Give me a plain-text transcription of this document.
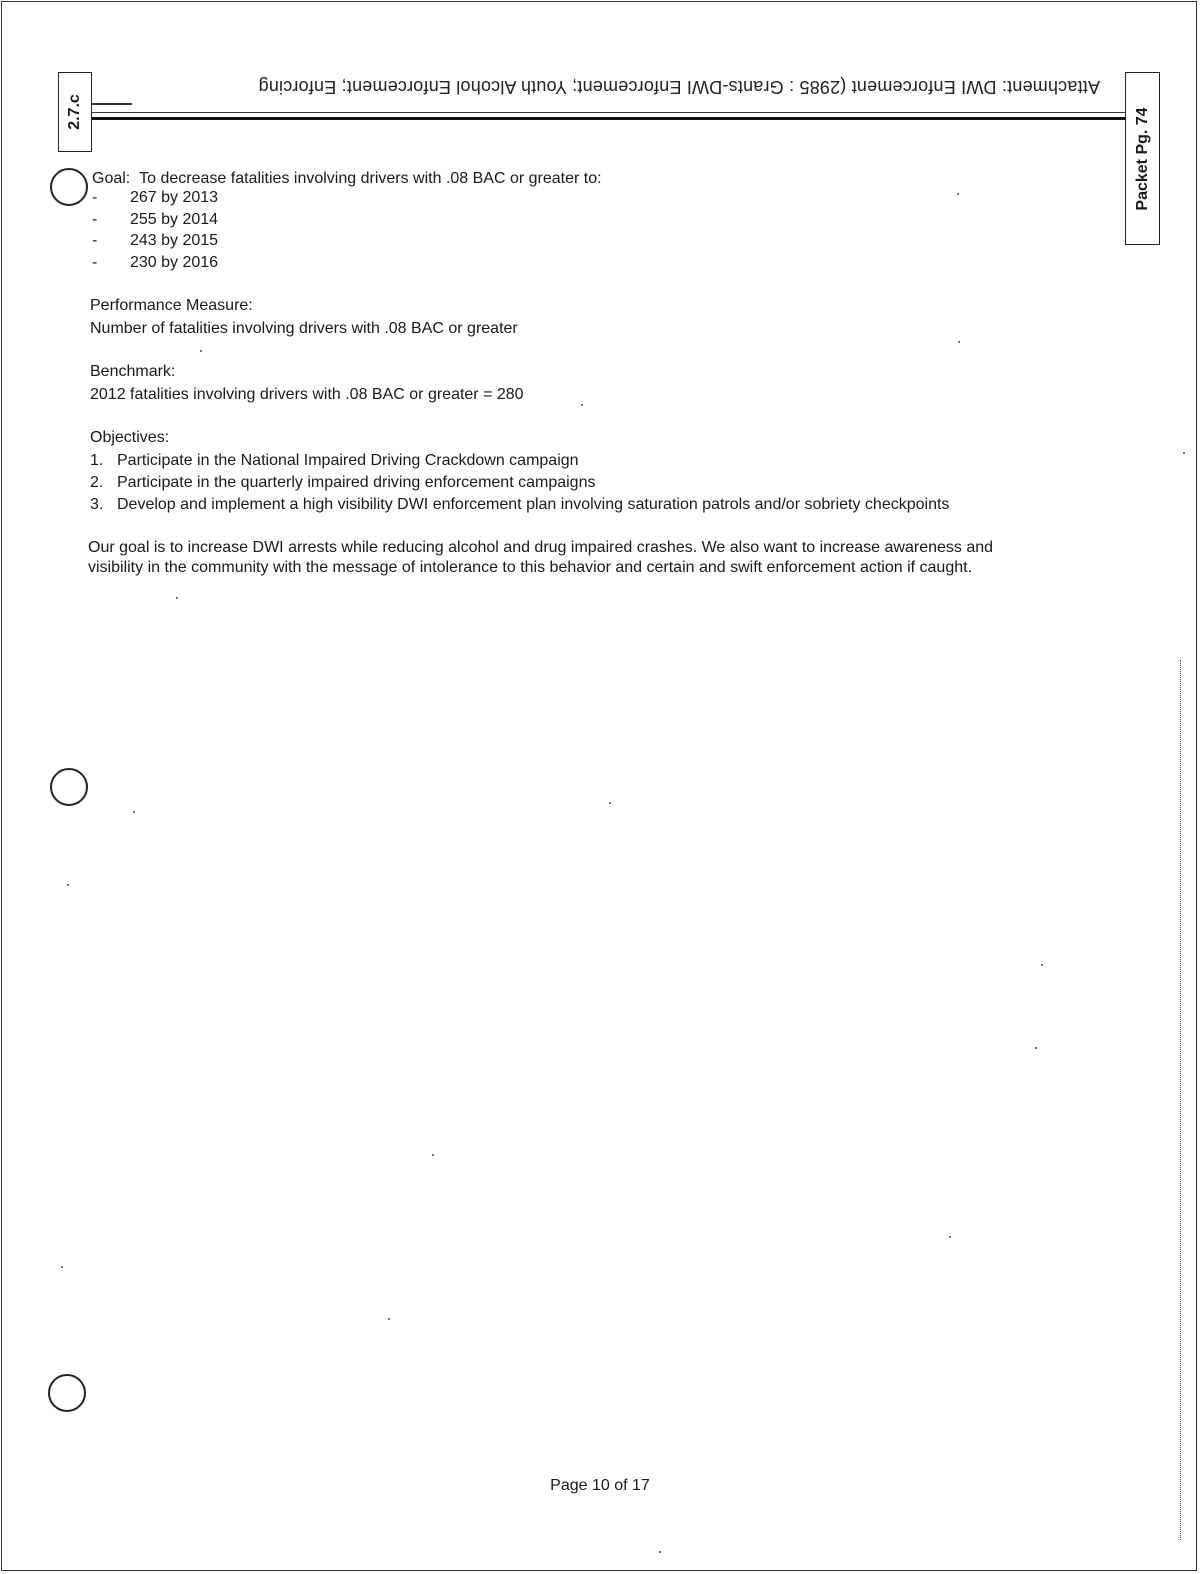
Attachment: DWI Enforcement (2985 : Grants-DWI Enforcement; Youth Alcohol Enforcement; Enforcing
2.7.c	Packet Pg. 74
Goal: To decrease fatalities involving drivers with .08 BAC or greater to:
- 267 by 2013
- 255 by 2014
- 243 by 2015
- 230 by 2016
Performance Measure:
Number of fatalities involving drivers with .08 BAC or greater
Benchmark:
2012 fatalities involving drivers with .08 BAC or greater = 280
Objectives:
1. Participate in the National Impaired Driving Crackdown campaign
2. Participate in the quarterly impaired driving enforcement campaigns
3. Develop and implement a high visibility DWI enforcement plan involving saturation patrols and/or sobriety checkpoints
Our goal is to increase DWI arrests while reducing alcohol and drug impaired crashes. We also want to increase awareness and visibility in the community with the message of intolerance to this behavior and certain and swift enforcement action if caught.
Page 10 of 17
